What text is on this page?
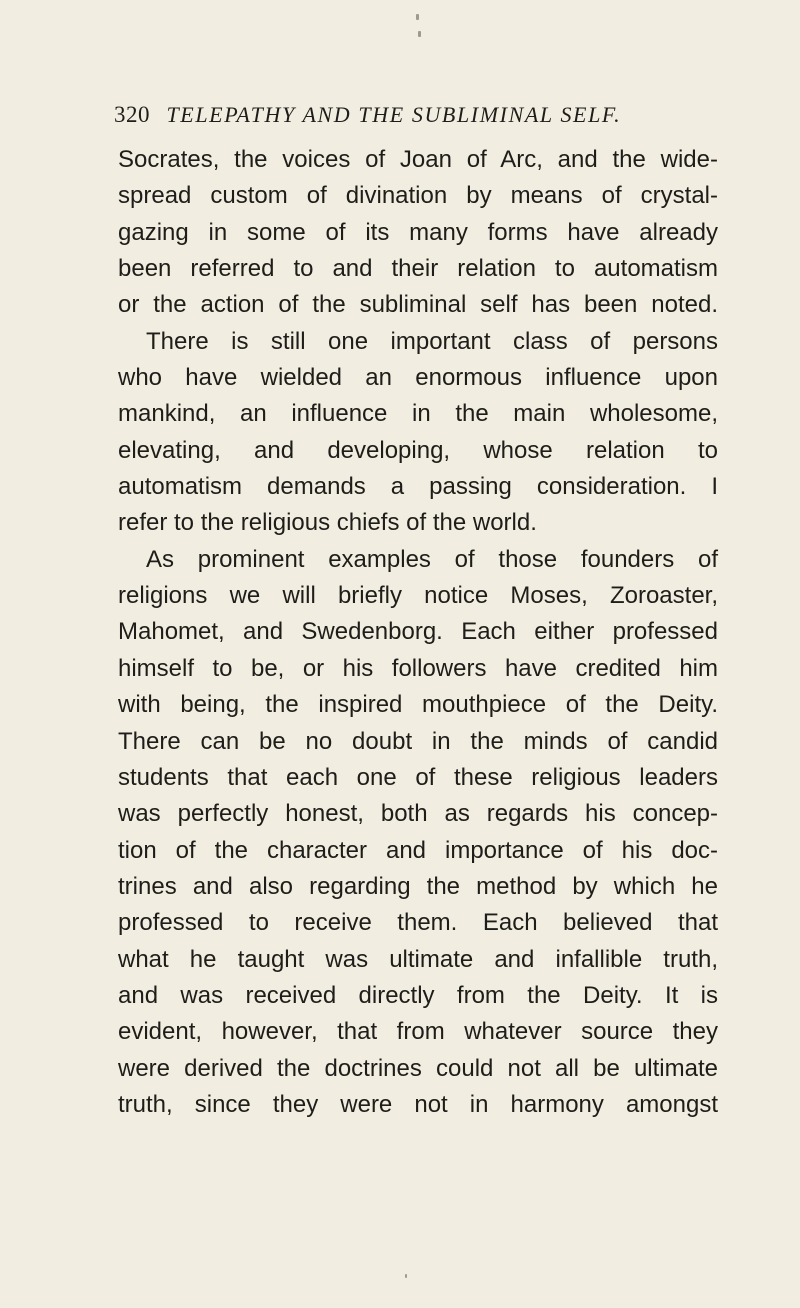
320 TELEPATHY AND THE SUBLIMINAL SELF.
Socrates, the voices of Joan of Arc, and the wide-
spread custom of divination by means of crystal-
gazing in some of its many forms have already
been referred to and their relation to automatism
or the action of the subliminal self has been noted.
There is still one important class of persons
who have wielded an enormous influence upon
mankind, an influence in the main wholesome,
elevating, and developing, whose relation to
automatism demands a passing consideration. I
refer to the religious chiefs of the world.
As prominent examples of those founders of
religions we will briefly notice Moses, Zoroaster,
Mahomet, and Swedenborg. Each either professed
himself to be, or his followers have credited him
with being, the inspired mouthpiece of the Deity.
There can be no doubt in the minds of candid
students that each one of these religious leaders
was perfectly honest, both as regards his concep-
tion of the character and importance of his doc-
trines and also regarding the method by which he
professed to receive them. Each believed that
what he taught was ultimate and infallible truth,
and was received directly from the Deity. It is
evident, however, that from whatever source they
were derived the doctrines could not all be ultimate
truth, since they were not in harmony amongst
